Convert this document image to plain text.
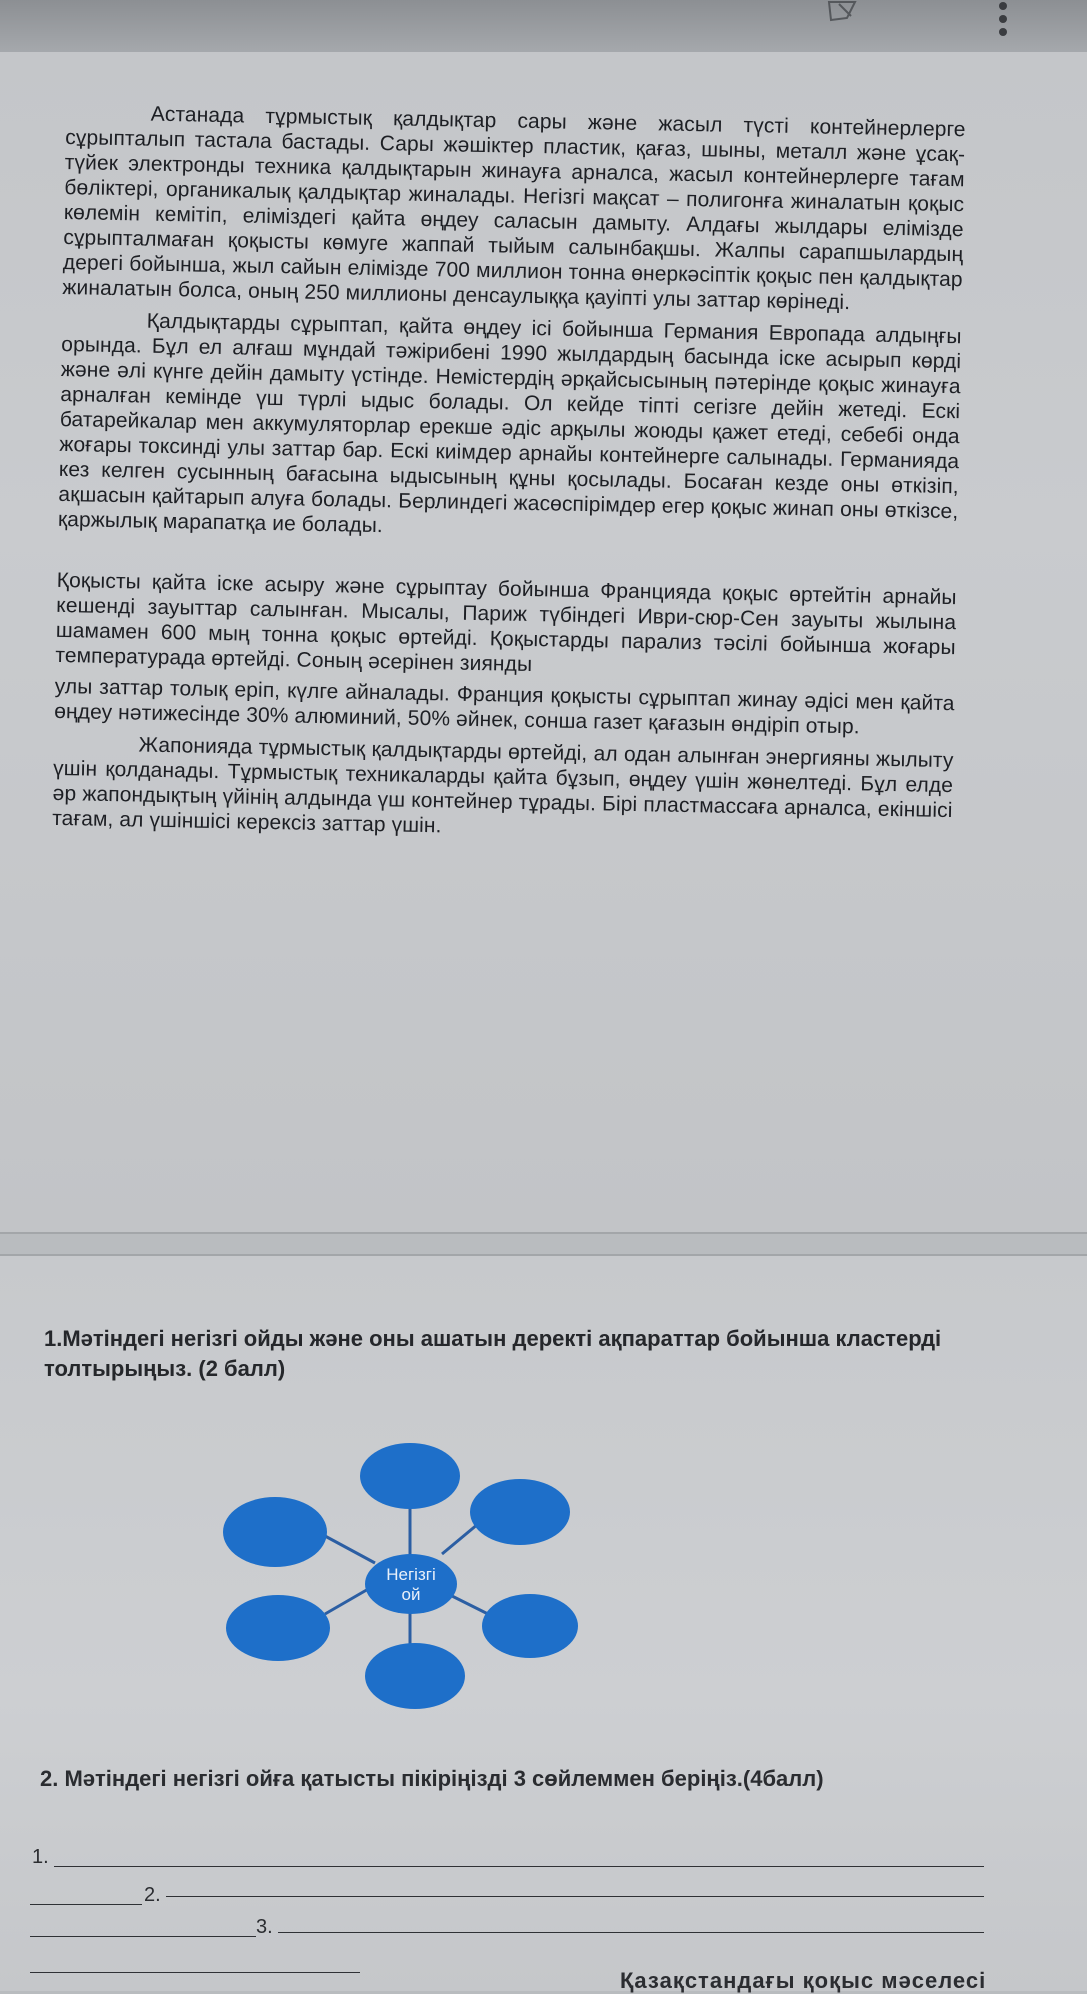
Астанада тұрмыстық қалдықтар сары және жасыл түсті контейнерлерге сұрыпталып тастала бастады. Сары жәшіктер пластик, қағаз, шыны, металл және ұсақ-түйек электронды техника қалдықтарын жинауға арналса, жасыл контейнерлерге тағам бөліктері, органикалық қалдықтар жиналады. Негізгі мақсат – полигонға жиналатын қоқыс көлемін кемітіп, еліміздегі қайта өңдеу саласын дамыту. Алдағы жылдары елімізде сұрыпталмаған қоқысты көмуге жаппай тыйым салынбақшы. Жалпы сарапшылардың дерегі бойынша, жыл сайын елімізде 700 миллион тонна өнеркәсіптік қоқыс пен қалдықтар жиналатын болса, оның 250 миллионы денсаулыққа қауіпті улы заттар көрінеді.

Қалдықтарды сұрыптап, қайта өңдеу ісі бойынша Германия Европада алдыңғы орында. Бұл ел алғаш мұндай тәжірибені 1990 жылдардың басында іске асырып көрді және әлі күнге дейін дамыту үстінде. Немістердің әрқайсысының пәтерінде қоқыс жинауға арналған кемінде үш түрлі ыдыс болады. Ол кейде тіпті сегізге дейін жетеді. Ескі батарейкалар мен аккумуляторлар ерекше әдіс арқылы жоюды қажет етеді, себебі онда жоғары токсинді улы заттар бар. Ескі киімдер арнайы контейнерге салынады. Германияда кез келген сусынның бағасына ыдысының құны қосылады. Босаған кезде оны өткізіп, ақшасын қайтарып алуға болады. Берлиндегі жасөспірімдер егер қоқыс жинап оны өткізсе, қаржылық марапатқа ие болады.

Қоқысты қайта іске асыру және сұрыптау бойынша Францияда қоқыс өртейтін арнайы кешенді зауыттар салынған. Мысалы, Париж түбіндегі Иври-сюр-Сен зауыты жылына шамамен 600 мың тонна қоқыс өртейді. Қоқыстарды парализ тәсілі бойынша жоғары температурада өртейді. Соның әсерінен зиянды

улы заттар толық еріп, күлге айналады. Франция қоқысты сұрыптап жинау әдісі мен қайта өңдеу нәтижесінде 30% алюминий, 50% әйнек, сонша газет қағазын өндіріп отыр.

Жапонияда тұрмыстық қалдықтарды өртейді, ал одан алынған энергияны жылыту үшін қолданады. Тұрмыстық техникаларды қайта бұзып, өңдеу үшін жөнелтеді. Бұл елде әр жапондықтың үйінің алдында үш контейнер тұрады. Бірі пластмассаға арналса, екіншісі тағам, ал үшіншісі керексіз заттар үшін.

1.Мәтіндегі негізгі ойды және оны ашатын деректі ақпараттар бойынша кластерді толтырыңыз. (2 балл)
Негізгі
ой
2. Мәтіндегі негізгі ойға қатысты пікіріңізді 3 сөйлеммен беріңіз.(4балл)
1.
2.
3.
Қазақстандағы қоқыс мәселесі
